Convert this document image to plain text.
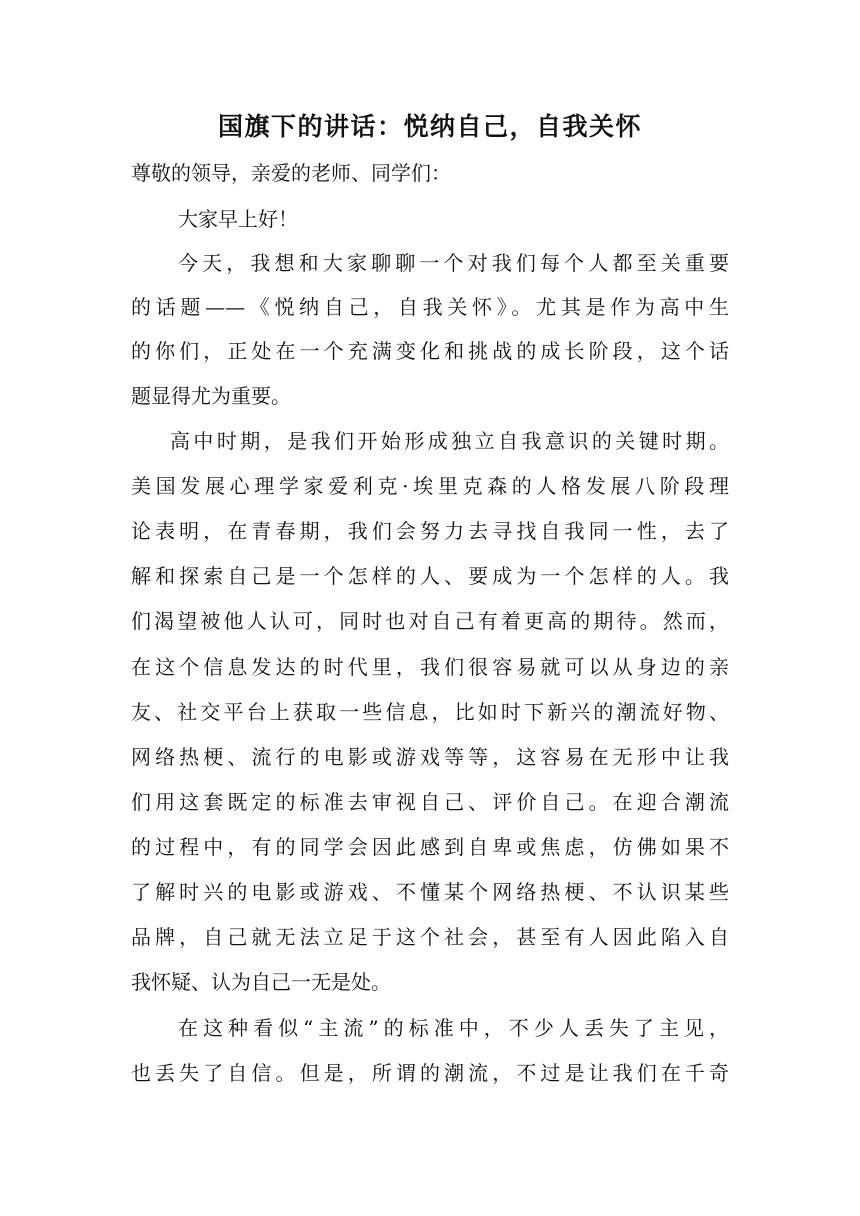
国旗下的讲话：悦纳自己，自我关怀

尊敬的领导，亲爱的老师、同学们：

大家早上好！

今天，我想和大家聊聊一个对我们每个人都至关重要

的话题——《悦纳自己，自我关怀》。尤其是作为高中生

的你们，正处在一个充满变化和挑战的成长阶段，这个话

题显得尤为重要。

高中时期，是我们开始形成独立自我意识的关键时期。

美国发展心理学家爱利克·埃里克森的人格发展八阶段理

论表明，在青春期，我们会努力去寻找自我同一性，去了

解和探索自己是一个怎样的人、要成为一个怎样的人。我

们渴望被他人认可，同时也对自己有着更高的期待。然而，

在这个信息发达的时代里，我们很容易就可以从身边的亲

友、社交平台上获取一些信息，比如时下新兴的潮流好物、

网络热梗、流行的电影或游戏等等，这容易在无形中让我

们用这套既定的标准去审视自己、评价自己。在迎合潮流

的过程中，有的同学会因此感到自卑或焦虑，仿佛如果不

了解时兴的电影或游戏、不懂某个网络热梗、不认识某些

品牌，自己就无法立足于这个社会，甚至有人因此陷入自

我怀疑、认为自己一无是处。

在这种看似“主流”的标准中，不少人丢失了主见，

也丢失了自信。但是，所谓的潮流，不过是让我们在千奇
